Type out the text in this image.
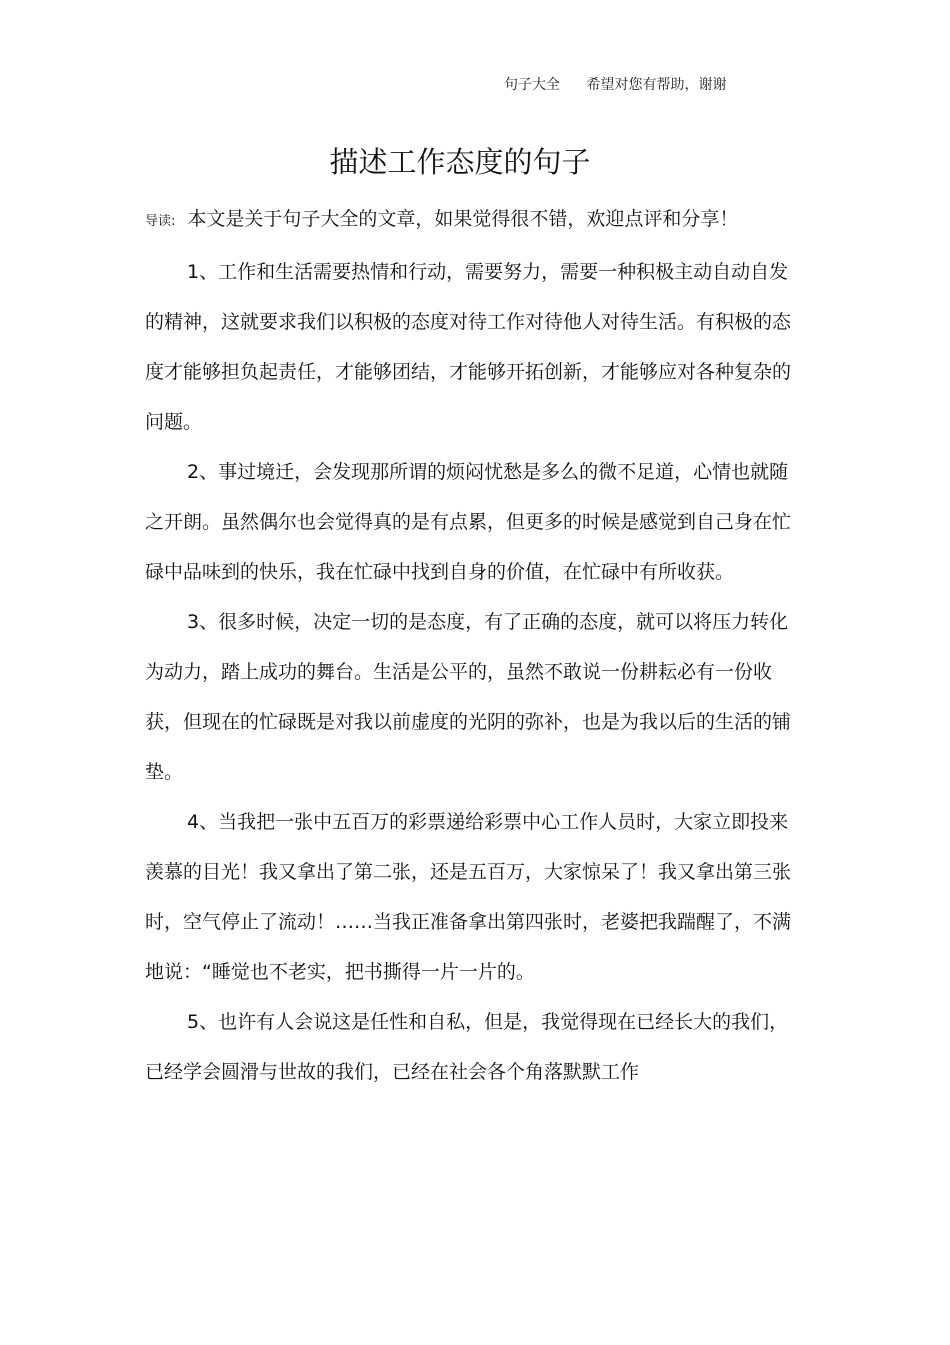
句子大全 希望对您有帮助，谢谢
描述工作态度的句子

导读: 本文是关于句子大全的文章，如果觉得很不错，欢迎点评和分享！

1、工作和生活需要热情和行动，需要努力，需要一种积极主动自动自发的精神，这就要求我们以积极的态度对待工作对待他人对待生活。有积极的态度才能够担负起责任，才能够团结，才能够开拓创新，才能够应对各种复杂的问题。

2、事过境迁，会发现那所谓的烦闷忧愁是多么的微不足道，心情也就随之开朗。虽然偶尔也会觉得真的是有点累，但更多的时候是感觉到自己身在忙碌中品味到的快乐，我在忙碌中找到自身的价值，在忙碌中有所收获。

3、很多时候，决定一切的是态度，有了正确的态度，就可以将压力转化为动力，踏上成功的舞台。生活是公平的，虽然不敢说一份耕耘必有一份收获，但现在的忙碌既是对我以前虚度的光阴的弥补，也是为我以后的生活的铺垫。

4、当我把一张中五百万的彩票递给彩票中心工作人员时，大家立即投来羡慕的目光！我又拿出了第二张，还是五百万，大家惊呆了！我又拿出第三张时，空气停止了流动！……当我正准备拿出第四张时，老婆把我踹醒了，不满地说：“睡觉也不老实，把书撕得一片一片的。

5、也许有人会说这是任性和自私，但是，我觉得现在已经长大的我们，已经学会圆滑与世故的我们，已经在社会各个角落默默工作
